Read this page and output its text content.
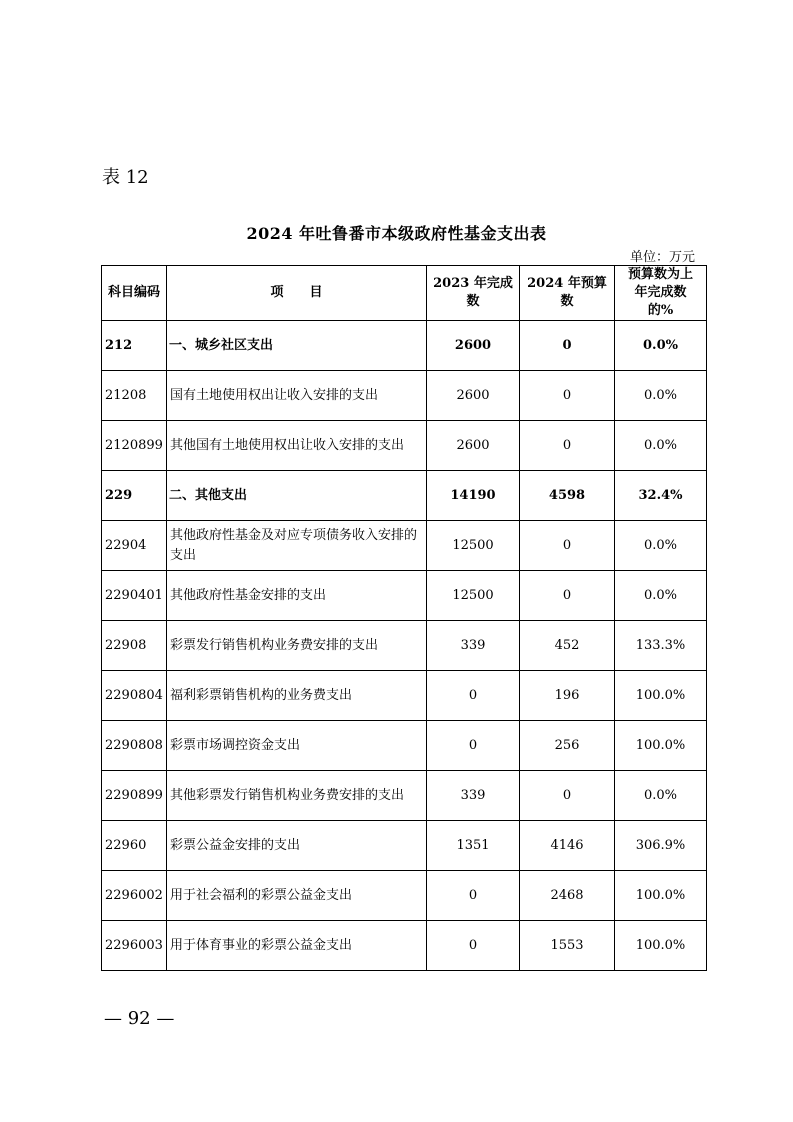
表 12
2024 年吐鲁番市本级政府性基金支出表
单位：万元
科目编码	项　　目	2023 年完成数	2024 年预算数	预算数为上年完成数的%
212	一、城乡社区支出	2600	0	0.0%
21208	国有土地使用权出让收入安排的支出	2600	0	0.0%
2120899	其他国有土地使用权出让收入安排的支出	2600	0	0.0%
229	二、其他支出	14190	4598	32.4%
22904	其他政府性基金及对应专项债务收入安排的支出	12500	0	0.0%
2290401	其他政府性基金安排的支出	12500	0	0.0%
22908	彩票发行销售机构业务费安排的支出	339	452	133.3%
2290804	福利彩票销售机构的业务费支出	0	196	100.0%
2290808	彩票市场调控资金支出	0	256	100.0%
2290899	其他彩票发行销售机构业务费安排的支出	339	0	0.0%
22960	彩票公益金安排的支出	1351	4146	306.9%
2296002	用于社会福利的彩票公益金支出	0	2468	100.0%
2296003	用于体育事业的彩票公益金支出	0	1553	100.0%
— 92 —
